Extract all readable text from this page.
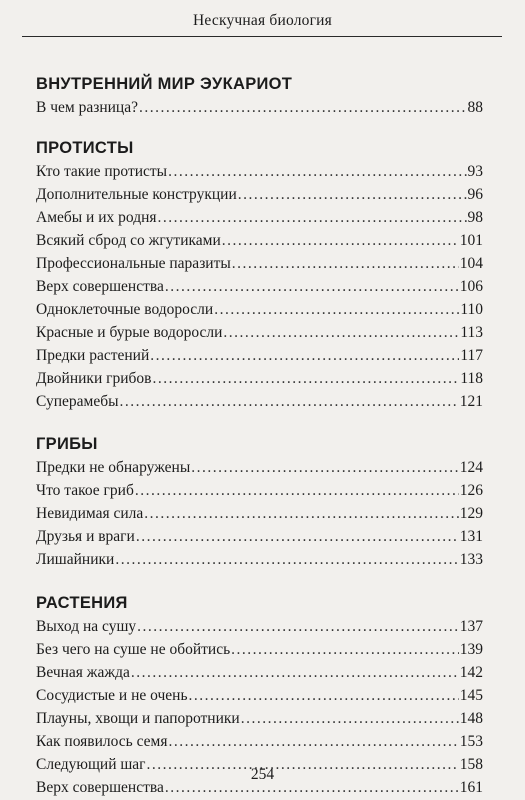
Нескучная биология
ВНУТРЕННИЙ МИР ЭУКАРИОТ
В чем разница? .....	88
ПРОТИСТЫ
Кто такие протисты .....	93
Дополнительные конструкции .....	96
Амебы и их родня .....	98
Всякий сброд со жгутиками .....	101
Профессиональные паразиты .....	104
Верх совершенства .....	106
Одноклеточные водоросли .....	110
Красные и бурые водоросли .....	113
Предки растений .....	117
Двойники грибов .....	118
Суперамебы .....	121
ГРИБЫ
Предки не обнаружены .....	124
Что такое гриб .....	126
Невидимая сила .....	129
Друзья и враги .....	131
Лишайники .....	133
РАСТЕНИЯ
Выход на сушу .....	137
Без чего на суше не обойтись .....	139
Вечная жажда .....	142
Сосудистые и не очень .....	145
Плауны, хвощи и папоротники .....	148
Как появилось семя .....	153
Следующий шаг .....	158
Верх совершенства .....	161
254
